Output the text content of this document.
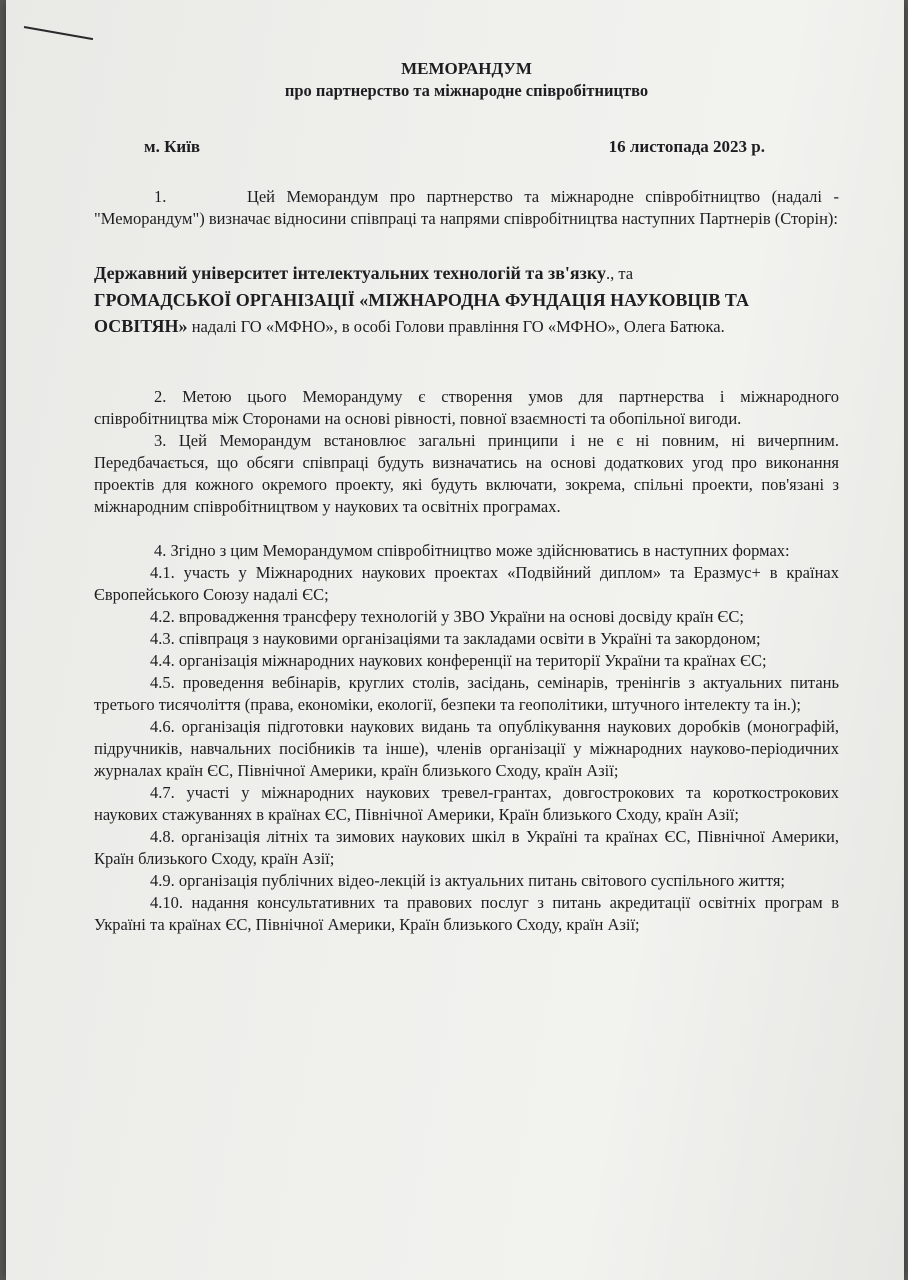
МЕМОРАНДУМ
про партнерство та міжнародне співробітництво
м. Київ	16 листопада 2023 р.

1.       Цей Меморандум про партнерство та міжнародне співробітництво (надалі - "Меморандум") визначає відносини співпраці та напрями співробітництва наступних Партнерів (Сторін):

Державний університет інтелектуальних технологій та зв'язку., та
ГРОМАДСЬКОЇ ОРГАНІЗАЦІЇ «МІЖНАРОДНА ФУНДАЦІЯ НАУКОВЦІВ ТА ОСВІТЯН» надалі ГО «МФНО», в особі Голови правління ГО «МФНО», Олега Батюка.

2. Метою цього Меморандуму є створення умов для партнерства і міжнародного співробітництва між Сторонами на основі рівності, повної взаємності та обопільної вигоди.

3. Цей Меморандум встановлює загальні принципи і не є ні повним, ні вичерпним. Передбачається, що обсяги співпраці будуть визначатись на основі додаткових угод про виконання проектів для кожного окремого проекту, які будуть включати, зокрема, спільні проекти, пов'язані з міжнародним співробітництвом у наукових та освітніх програмах.

4. Згідно з цим Меморандумом співробітництво може здійснюватись в наступних формах:

4.1. участь у Міжнародних наукових проектах «Подвійний диплом» та Еразмус+ в країнах Європейського Союзу надалі ЄС;

4.2. впровадження трансферу технологій у ЗВО України на основі досвіду країн ЄС;

4.3. співпраця з науковими організаціями та закладами освіти в Україні та закордоном;

4.4. організація міжнародних наукових конференції на території України та країнах ЄС;

4.5. проведення вебінарів, круглих столів, засідань, семінарів, тренінгів з актуальних питань третього тисячоліття (права, економіки, екології, безпеки та геополітики, штучного інтелекту та ін.);

4.6. організація підготовки наукових видань та опублікування наукових доробків (монографій, підручників, навчальних посібників та інше), членів організації у міжнародних науково-періодичних журналах країн ЄС, Північної Америки, країн близького Сходу, країн Азії;

4.7. участі у міжнародних наукових тревел-грантах, довгострокових та короткострокових наукових стажуваннях в країнах ЄС, Північної Америки, Країн близького Сходу, країн Азії;

4.8. організація літніх та зимових наукових шкіл в Україні та країнах ЄС, Північної Америки, Країн близького Сходу, країн Азії;

4.9. організація публічних відео-лекцій із актуальних питань світового суспільного життя;

4.10. надання консультативних та правових послуг з питань акредитації освітніх програм в Україні та країнах ЄС, Північної Америки, Країн близького Сходу, країн Азії;
